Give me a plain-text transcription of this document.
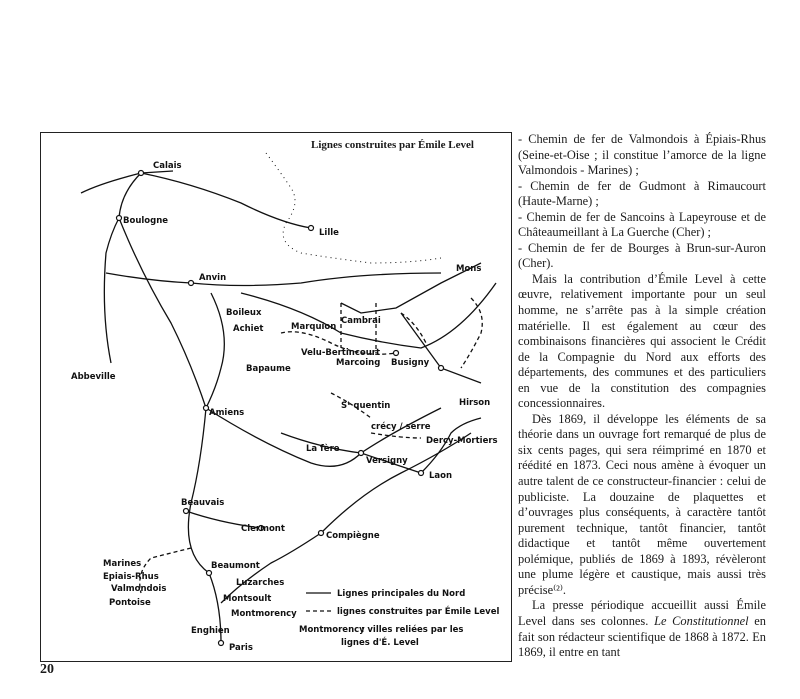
Lignes construites par Émile Level
Calais
Boulogne
Lille
Anvin
Mons
Marquion
Cambrai
Boileux
Achiet
Velu-Bertincourt
Marcoing Busigny
Bapaume
Abbeville
Amiens
Sᵗ quentin	Hirson
crécy / serre
Dercy-Mortiers
La fère
Versigny
Laon
Beauvais
Compiègne
Clermont
Marines
Epiais-Rhus
Valmondois
Beaumont
Luzarches
Montsoult
Pontoise
Montmorency
Enghien
Paris
Lignes principales du Nord
lignes construites par Émile Level
Montmorency
: villes reliées par les
lignes d'É. Level

- Chemin de fer de Valmondois à Épiais-Rhus (Seine-et-Oise ; il constitue l’amorce de la ligne Valmondois - Marines) ;

- Chemin de fer de Gudmont à Rimaucourt (Haute-Marne) ;

- Chemin de fer de Sancoins à Lapeyrouse et de Châteaumeillant à La Guerche (Cher) ;

- Chemin de fer de Bourges à Brun-sur-Auron (Cher).

Mais la contribution d’Émile Level à cette œuvre, relativement importante pour un seul homme, ne s’arrête pas à la simple création matérielle. Il est également au cœur des combinaisons financières qui associent le Crédit de la Compagnie du Nord aux efforts des départements, des communes et des particuliers en vue de la constitution des compagnies concessionnaires.

Dès 1869, il développe les éléments de sa théorie dans un ouvrage fort remarqué de plus de six cents pages, qui sera réimprimé en 1870 et réédité en 1873. Ceci nous amène à évoquer un autre talent de ce constructeur-financier : celui de publiciste. La douzaine de plaquettes et d’ouvrages plus conséquents, à caractère tantôt purement technique, tantôt financier, tantôt didactique et tantôt même ouvertement polémique, publiés de 1869 à 1893, révèleront une plume légère et caustique, mais aussi très précise⁽²⁾.

La presse périodique accueillit aussi Émile Level dans ses colonnes. Le Constitutionnel en fait son rédacteur scientifique de 1868 à 1872. En 1869, il entre en tant

20
